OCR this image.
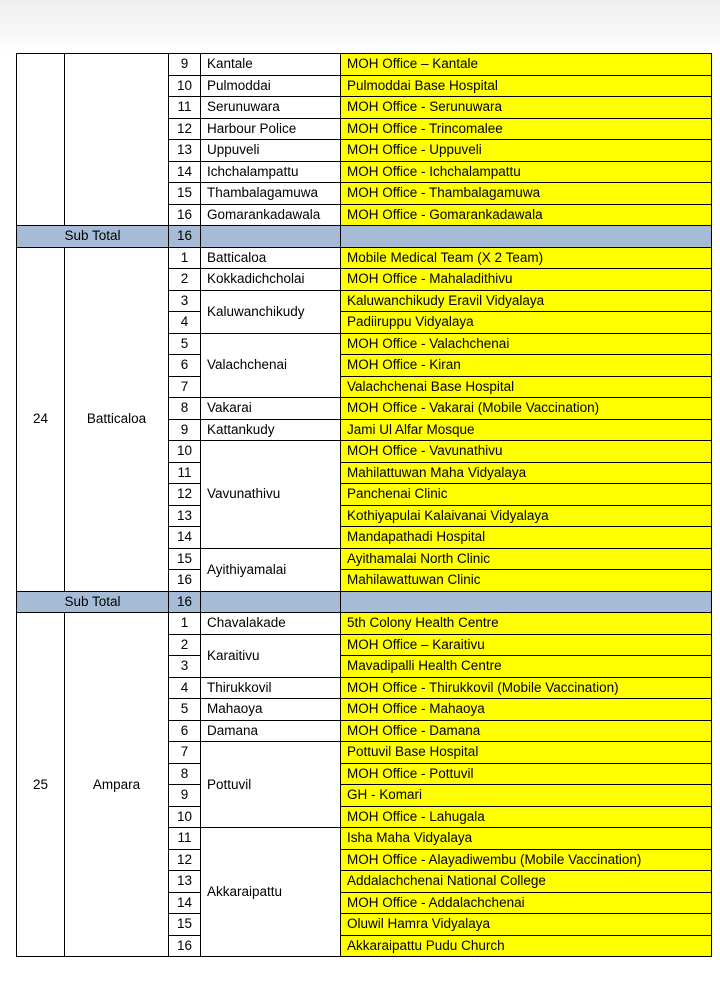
		9	Kantale	MOH Office – Kantale
		10	Pulmoddai	Pulmoddai Base Hospital
		11	Serunuwara	MOH Office - Serunuwara
		12	Harbour Police	MOH Office - Trincomalee
		13	Uppuveli	MOH Office - Uppuveli
		14	Ichchalampattu	MOH Office - Ichchalampattu
		15	Thambalagamuwa	MOH Office - Thambalagamuwa
		16	Gomarankadawala	MOH Office - Gomarankadawala
Sub Total		16		
24	Batticaloa	1	Batticaloa	Mobile Medical Team (X 2 Team)
		2	Kokkadichcholai	MOH Office - Mahaladithivu
		3	Kaluwanchikudy	Kaluwanchikudy Eravil Vidyalaya
		4		Padiiruppu Vidyalaya
		5	Valachchenai	MOH Office - Valachchenai
		6		MOH Office - Kiran
		7		Valachchenai Base Hospital
		8	Vakarai	MOH Office - Vakarai (Mobile Vaccination)
		9	Kattankudy	Jami Ul Alfar Mosque
		10	Vavunathivu	MOH Office - Vavunathivu
		11		Mahilattuwan Maha Vidyalaya
		12		Panchenai Clinic
		13		Kothiyapulai Kalaivanai Vidyalaya
		14		Mandapathadi Hospital
		15	Ayithiyamalai	Ayithamalai North Clinic
		16		Mahilawattuwan Clinic
Sub Total		16		
25	Ampara	1	Chavalakade	5th Colony Health Centre
		2	Karaitivu	MOH Office – Karaitivu
		3		Mavadipalli Health Centre
		4	Thirukkovil	MOH Office - Thirukkovil (Mobile Vaccination)
		5	Mahaoya	MOH Office - Mahaoya
		6	Damana	MOH Office - Damana
		7	Pottuvil	Pottuvil Base Hospital
		8		MOH Office - Pottuvil
		9		GH - Komari
		10		MOH Office - Lahugala
		11	Akkaraipattu	Isha Maha Vidyalaya
		12		MOH Office - Alayadiwembu (Mobile Vaccination)
		13		Addalachchenai National College
		14		MOH Office - Addalachchenai
		15		Oluwil Hamra Vidyalaya
		16		Akkaraipattu Pudu Church
